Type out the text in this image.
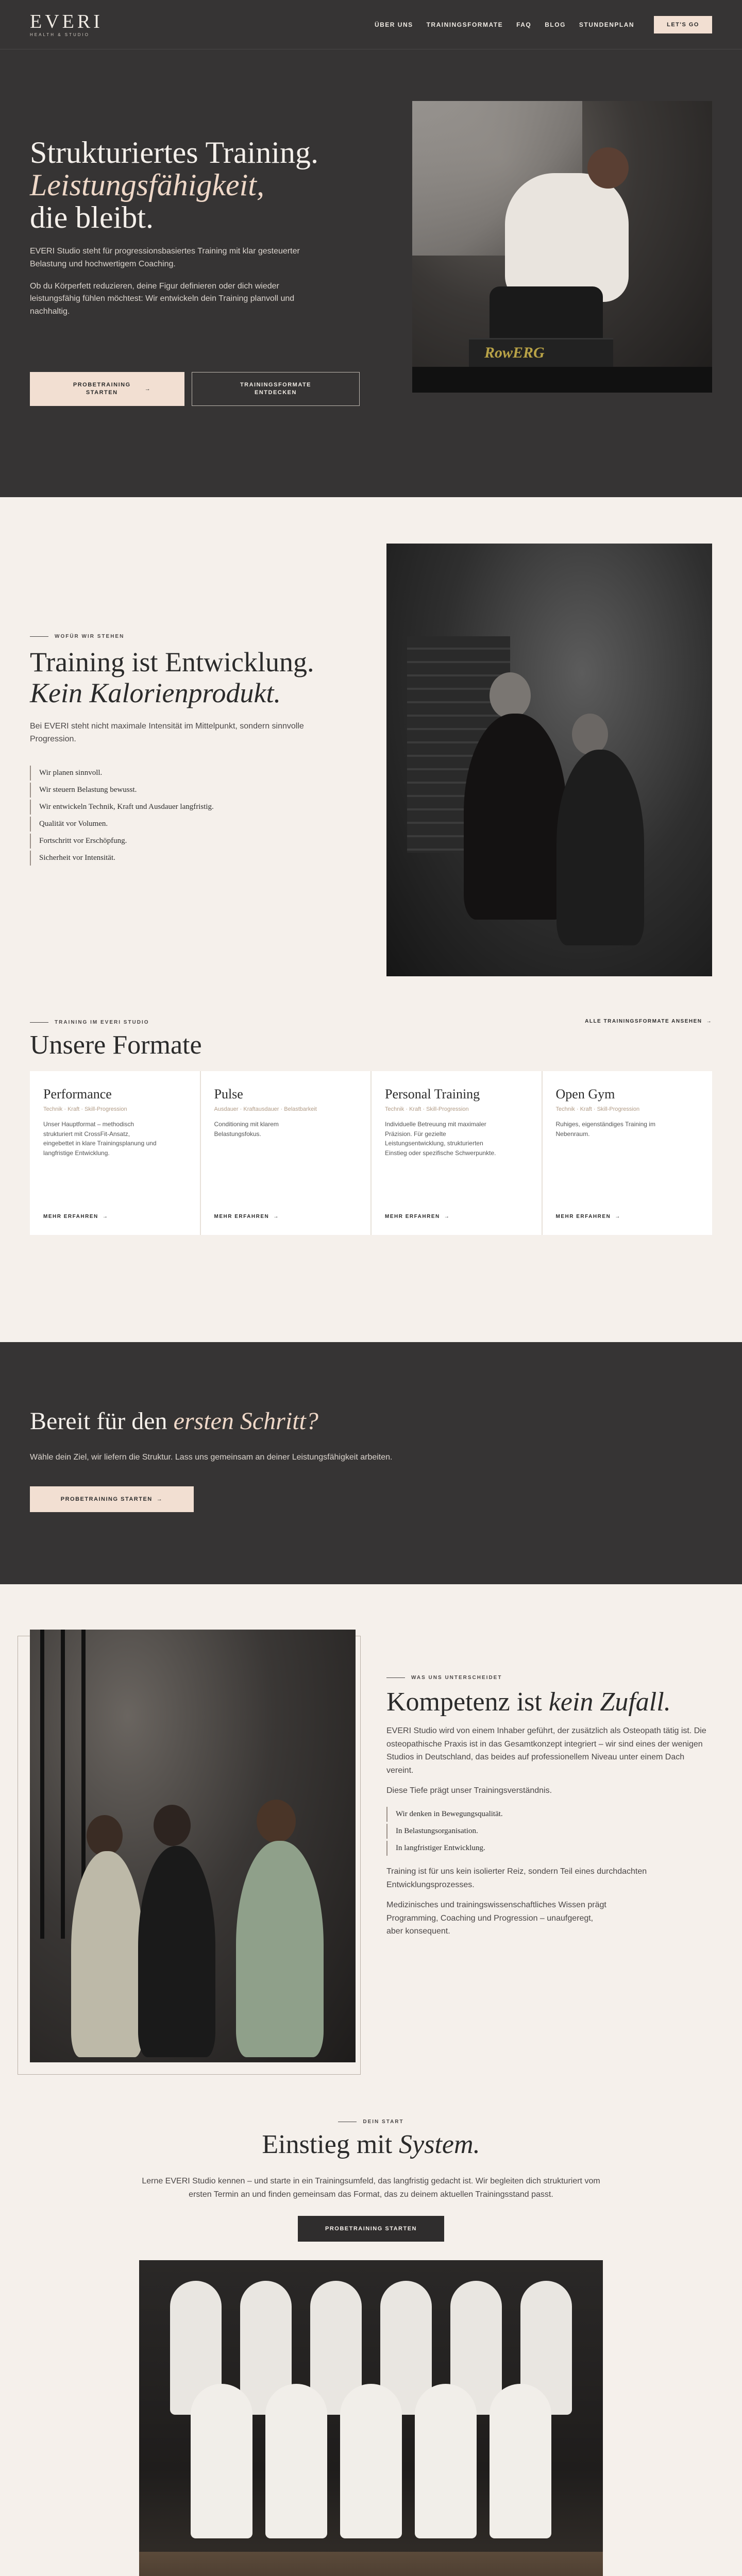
EVERI
HEALTH & STUDIO
ÜBER UNS TRAININGSFORMATE FAQ BLOG STUNDENPLAN	LET'S GO
Strukturiertes Training.
Leistungsfähigkeit,
die bleibt.

EVERI Studio steht für progressionsbasiertes Training mit klar gesteuerter Belastung und hochwertigem Coaching.

Ob du Körperfett reduzieren, deine Figur definieren oder dich wieder leistungsfähig fühlen möchtest: Wir entwickeln dein Training planvoll und nachhaltig.

PROBETRAINING STARTEN
→
TRAININGSFORMATE ENTDECKEN
RowERG
WOFÜR WIR STEHEN
Training ist Entwicklung.
Kein Kalorienprodukt.

Bei EVERI steht nicht maximale Intensität im Mittelpunkt, sondern sinnvolle Progression.

Wir planen sinnvoll.
Wir steuern Belastung bewusst.
Wir entwickeln Technik, Kraft und Ausdauer langfristig.
Qualität vor Volumen.
Fortschritt vor Erschöpfung.
Sicherheit vor Intensität.
TRAINING IM EVERI STUDIO
Unsere Formate
ALLE TRAININGSFORMATE ANSEHEN →
Performance
Technik · Kraft · Skill-Progression

Unser Hauptformat – methodisch strukturiert mit CrossFit-Ansatz, eingebettet in klare Trainingsplanung und langfristige Entwicklung.

MEHR ERFAHREN →
Pulse
Ausdauer · Kraftausdauer · Belastbarkeit

Conditioning mit klarem Belastungsfokus.

MEHR ERFAHREN →
Personal Training
Technik · Kraft · Skill-Progression

Individuelle Betreuung mit maximaler Präzision. Für gezielte Leistungsentwicklung, strukturierten Einstieg oder spezifische Schwerpunkte.

MEHR ERFAHREN →
Open Gym
Technik · Kraft · Skill-Progression

Ruhiges, eigenständiges Training im Nebenraum.

MEHR ERFAHREN →
Bereit für den ersten Schritt?

Wähle dein Ziel, wir liefern die Struktur. Lass uns gemeinsam an deiner Leistungsfähigkeit arbeiten.

PROBETRAINING STARTEN →
WAS UNS UNTERSCHEIDET
Kompetenz ist kein Zufall.

EVERI Studio wird von einem Inhaber geführt, der zusätzlich als Osteopath tätig ist. Die osteopathische Praxis ist in das Gesamtkonzept integriert – wir sind eines der wenigen Studios in Deutschland, das beides auf professionellem Niveau unter einem Dach vereint.

Diese Tiefe prägt unser Trainingsverständnis.

Wir denken in Bewegungsqualität.
In Belastungsorganisation.
In langfristiger Entwicklung.

Training ist für uns kein isolierter Reiz, sondern Teil eines durchdachten Entwicklungsprozesses.

Medizinisches und trainingswissenschaftliches Wissen prägt
Programming, Coaching und Progression – unaufgeregt,
aber konsequent.

DEIN START
Einstieg mit System.

Lerne EVERI Studio kennen – und starte in ein Trainingsumfeld, das langfristig gedacht ist. Wir begleiten dich strukturiert vom ersten Termin an und finden gemeinsam das Format, das zu deinem aktuellen Trainingsstand passt.

PROBETRAINING STARTEN
